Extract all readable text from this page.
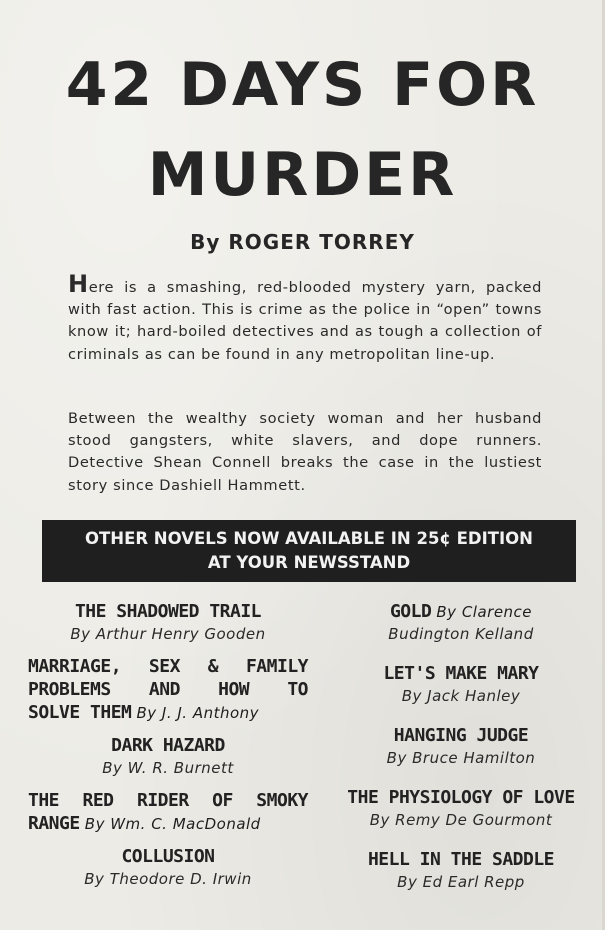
42 DAYS FOR
MURDER
By ROGER TORREY

Here is a smashing, red-blooded mystery yarn, packed with fast action. This is crime as the police in “open” towns know it; hard-boiled detectives and as tough a collection of criminals as can be found in any metropolitan line-up.

Between the wealthy society woman and her husband stood gangsters, white slavers, and dope runners. Detective Shean Connell breaks the case in the lustiest story since Dashiell Hammett.

OTHER NOVELS NOW AVAILABLE IN 25¢ EDITION
AT YOUR NEWSSTAND
THE SHADOWED TRAIL
By Arthur Henry Gooden
MARRIAGE, SEX & FAMILY
PROBLEMS AND HOW TO
SOLVE THEM By J. J. Anthony
DARK HAZARD
By W. R. Burnett
THE RED RIDER OF SMOKY
RANGE By Wm. C. MacDonald
COLLUSION
By Theodore D. Irwin
GOLD By Clarence
Budington Kelland
LET'S MAKE MARY
By Jack Hanley
HANGING JUDGE
By Bruce Hamilton
THE PHYSIOLOGY OF LOVE
By Remy De Gourmont
HELL IN THE SADDLE
By Ed Earl Repp
